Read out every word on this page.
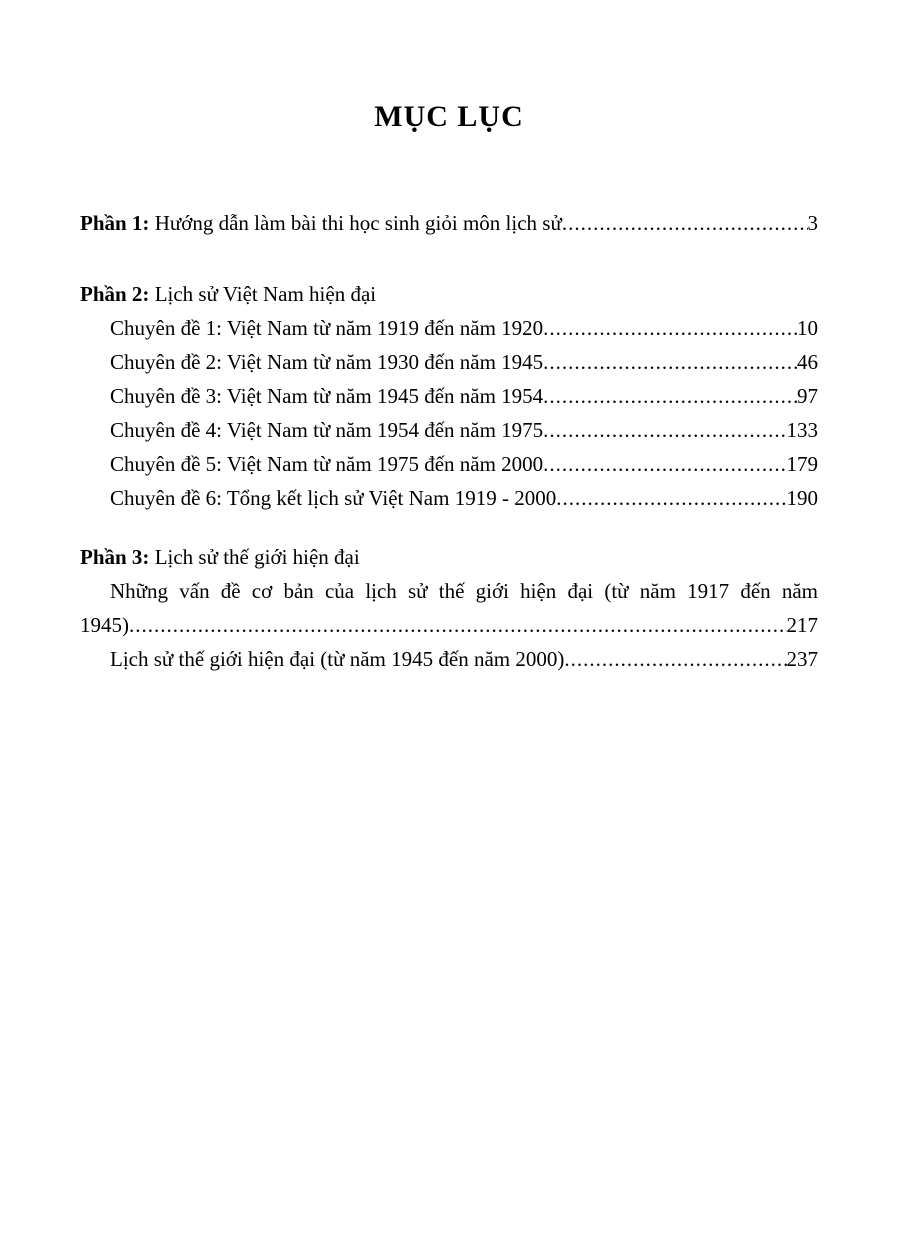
MỤC LỤC
Phần 1: Hướng dẫn làm bài thi học sinh giỏi môn lịch sử .....	3
Phần 2: Lịch sử Việt Nam hiện đại
Chuyên đề 1: Việt Nam từ năm 1919 đến năm 1920 .....	10
Chuyên đề 2: Việt Nam từ năm 1930 đến năm 1945 .....	46
Chuyên đề 3: Việt Nam từ năm 1945 đến năm 1954 .....	97
Chuyên đề 4: Việt Nam từ năm 1954 đến năm 1975 .....	133
Chuyên đề 5: Việt Nam từ năm 1975 đến năm 2000 .....	179
Chuyên đề 6: Tổng kết lịch sử Việt Nam 1919 - 2000 .....	190
Phần 3: Lịch sử thế giới hiện đại
Những vấn đề cơ bản của lịch sử thế giới hiện đại (từ năm 1917 đến năm
1945) .....	217
Lịch sử thế giới hiện đại (từ năm 1945 đến năm 2000) .....	237
